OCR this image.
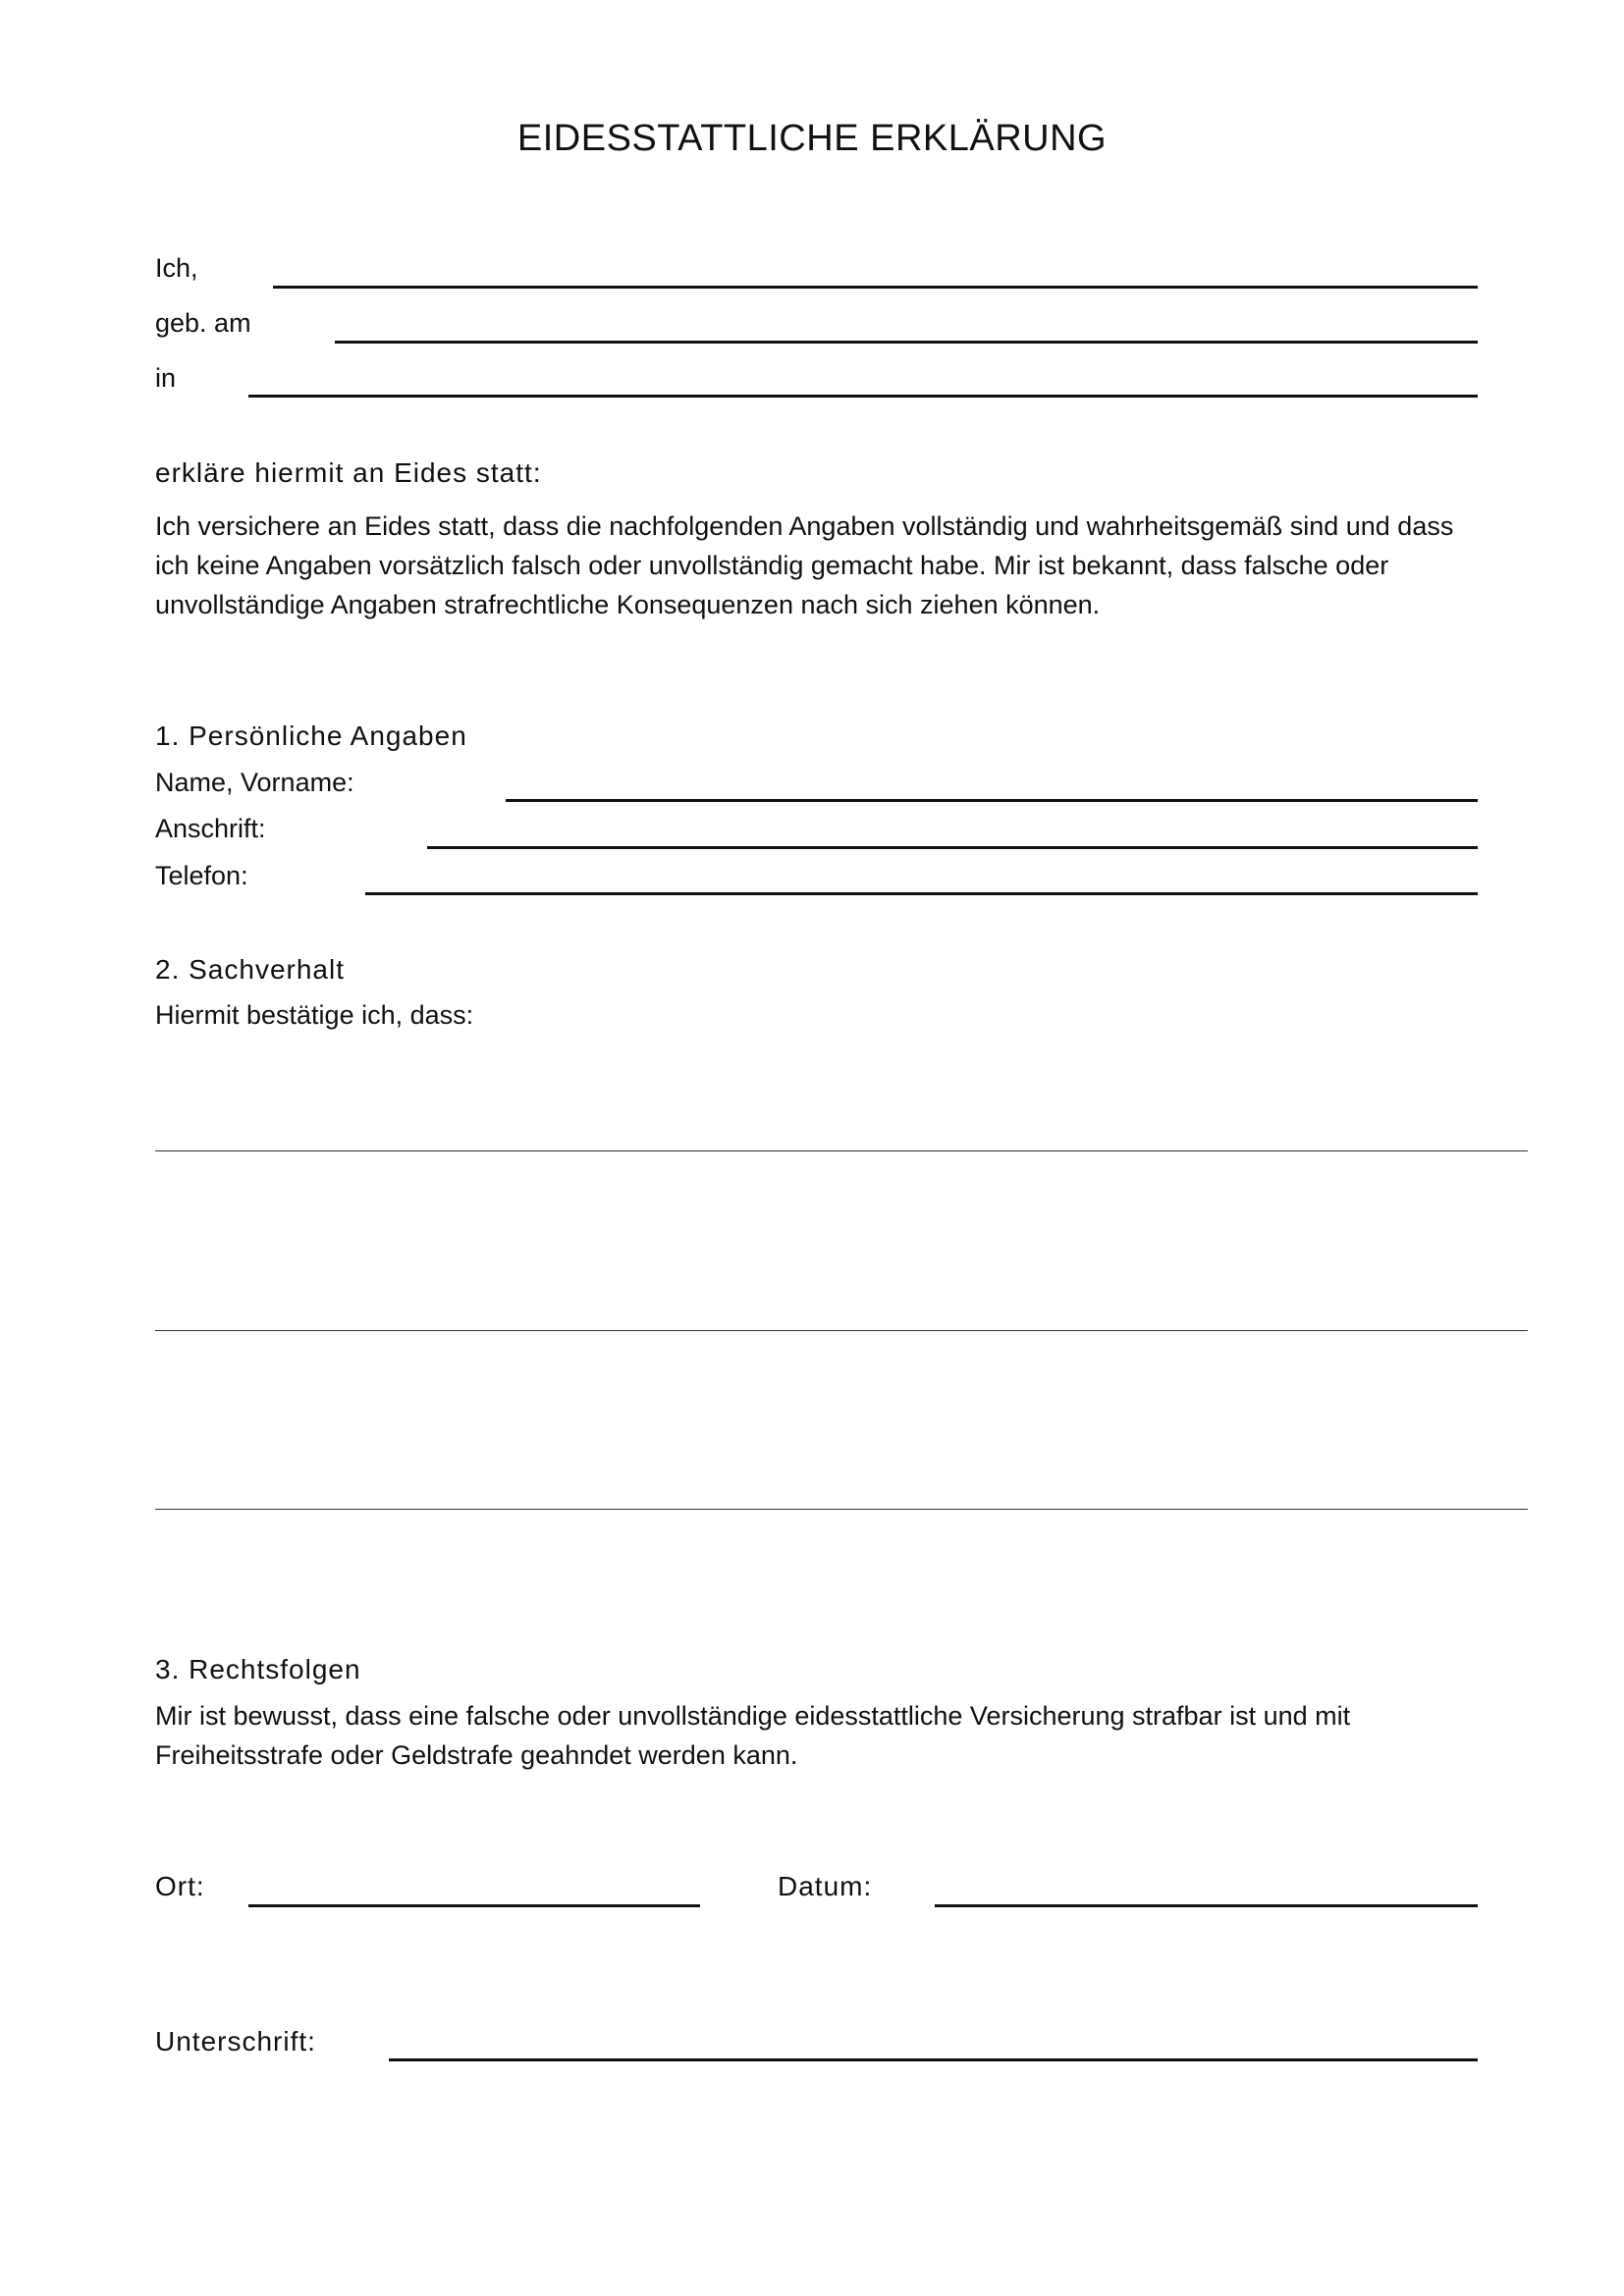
EIDESSTATTLICHE ERKLÄRUNG
Ich,
geb. am
in
erkläre hiermit an Eides statt:
Ich versichere an Eides statt, dass die nachfolgenden Angaben vollständig und wahrheitsgemäß sind und dass ich keine Angaben vorsätzlich falsch oder unvollständig gemacht habe. Mir ist bekannt, dass falsche oder unvollständige Angaben strafrechtliche Konsequenzen nach sich ziehen können.
1. Persönliche Angaben
Name, Vorname:
Anschrift:
Telefon:
2. Sachverhalt
Hiermit bestätige ich, dass:
3. Rechtsfolgen
Mir ist bewusst, dass eine falsche oder unvollständige eidesstattliche Versicherung strafbar ist und mit Freiheitsstrafe oder Geldstrafe geahndet werden kann.
Ort:	Datum:
Unterschrift:
